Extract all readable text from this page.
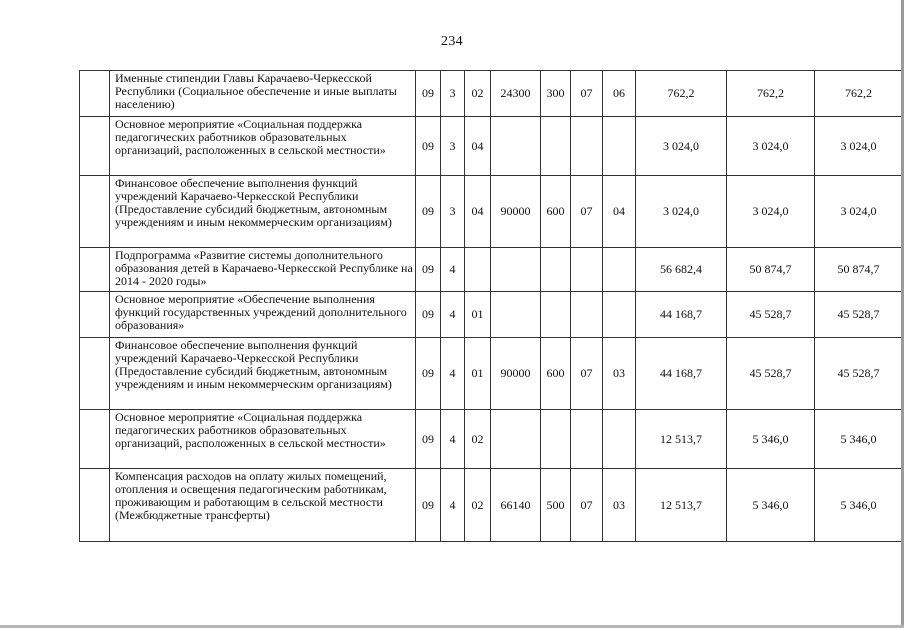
234
	Именные стипендии Главы Карачаево-Черкесской Республики (Социальное обеспечение и иные выплаты населению)	09	3	02	24300	300	07	06	762,2	762,2	762,2
	Основное мероприятие «Социальная поддержка педагогических работников образовательных организаций, расположенных в сельской местности»	09	3	04					3 024,0	3 024,0	3 024,0
	Финансовое обеспечение выполнения функций учреждений Карачаево-Черкесской Республики (Предоставление субсидий бюджетным, автономным учреждениям и иным некоммерческим организациям)	09	3	04	90000	600	07	04	3 024,0	3 024,0	3 024,0
	Подпрограмма «Развитие системы дополнительного образования детей в Карачаево-Черкесской Республике на 2014 - 2020 годы»	09	4						56 682,4	50 874,7	50 874,7
	Основное мероприятие «Обеспечение выполнения функций государственных учреждений дополнительного образования»	09	4	01					44 168,7	45 528,7	45 528,7
	Финансовое обеспечение выполнения функций учреждений Карачаево-Черкесской Республики (Предоставление субсидий бюджетным, автономным учреждениям и иным некоммерческим организациям)	09	4	01	90000	600	07	03	44 168,7	45 528,7	45 528,7
	Основное мероприятие «Социальная поддержка педагогических работников образовательных организаций, расположенных в сельской местности»	09	4	02					12 513,7	5 346,0	5 346,0
	Компенсация расходов на оплату жилых помещений, отопления и освещения педагогическим работникам, проживающим и работающим в сельской местности (Межбюджетные трансферты)	09	4	02	66140	500	07	03	12 513,7	5 346,0	5 346,0
